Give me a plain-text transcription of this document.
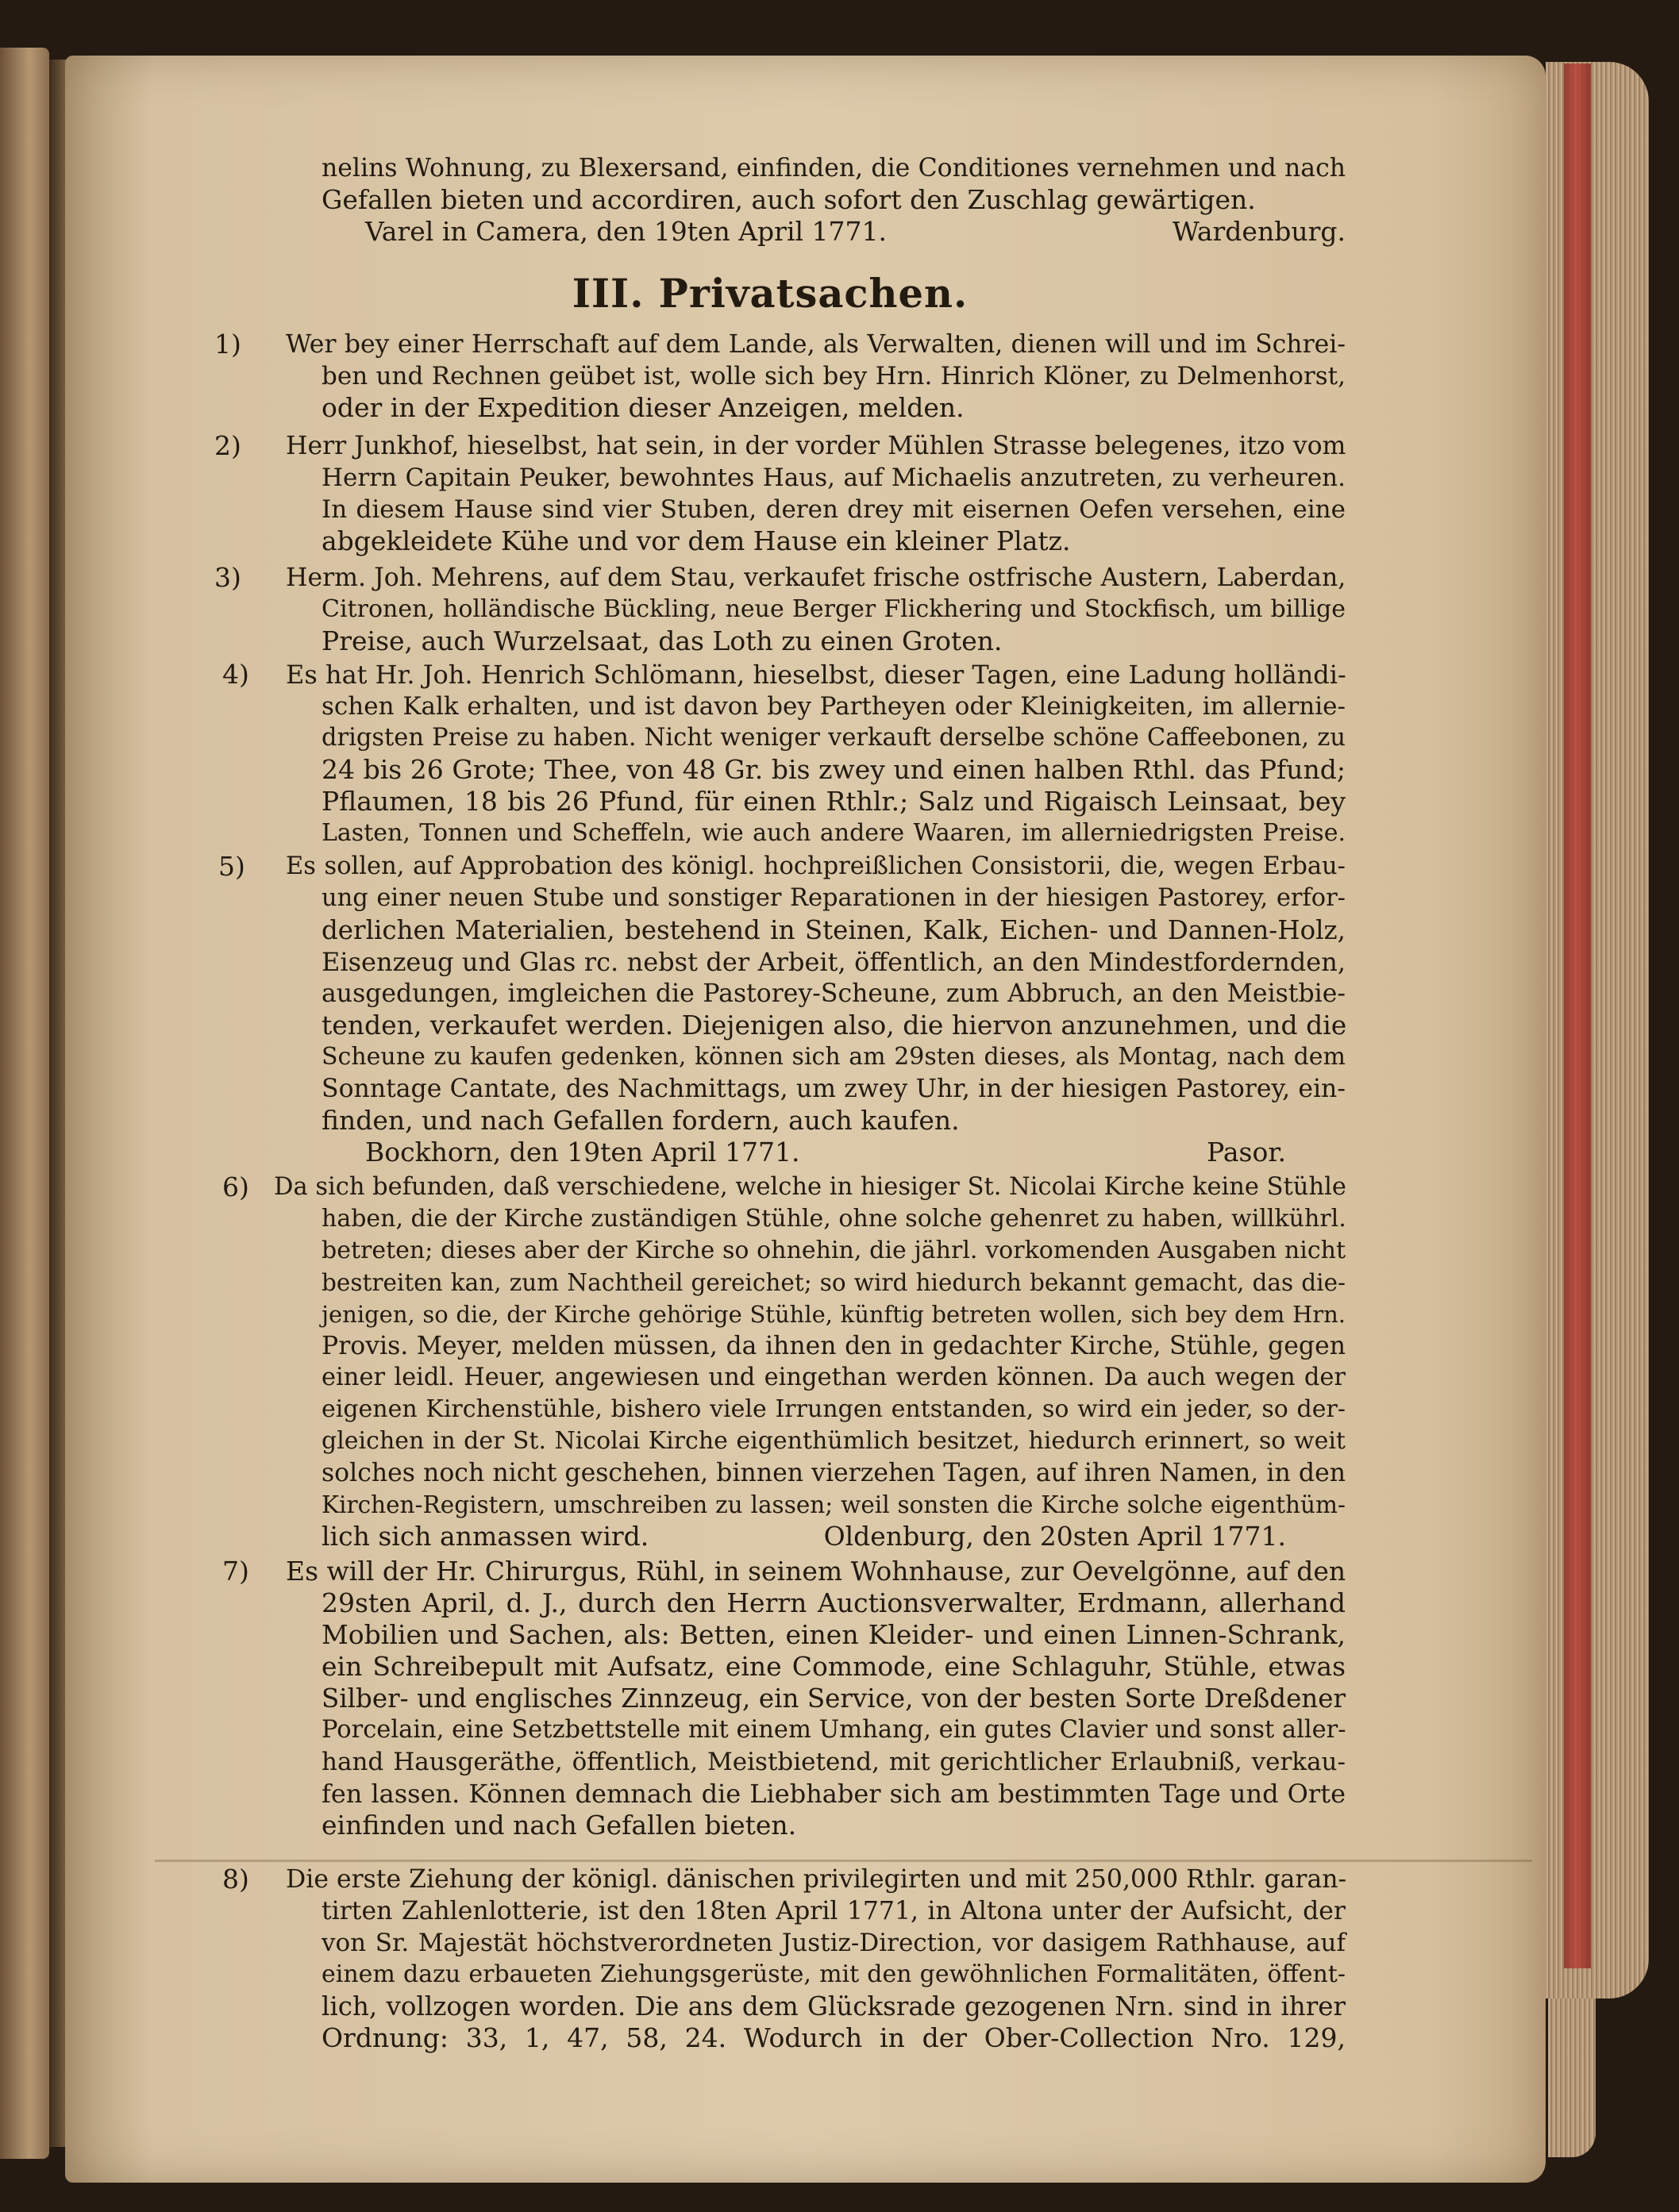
nelins Wohnung, zu Blexersand, einfinden, die Conditiones vernehmen und nach
Gefallen bieten und accordiren, auch sofort den Zuschlag gewärtigen.
Varel in Camera, den 19ten April 1771.	Wardenburg.
III. Privatsachen.
1) Wer bey einer Herrschaft auf dem Lande, als Verwalten, dienen will und im Schrei-
ben und Rechnen geübet ist, wolle sich bey Hrn. Hinrich Klöner, zu Delmenhorst,
oder in der Expedition dieser Anzeigen, melden.
2) Herr Junkhof, hieselbst, hat sein, in der vorder Mühlen Strasse belegenes, itzo vom
Herrn Capitain Peuker, bewohntes Haus, auf Michaelis anzutreten, zu verheuren.
In diesem Hause sind vier Stuben, deren drey mit eisernen Oefen versehen, eine
abgekleidete Kühe und vor dem Hause ein kleiner Platz.
3) Herm. Joh. Mehrens, auf dem Stau, verkaufet frische ostfrische Austern, Laberdan,
Citronen, holländische Bückling, neue Berger Flickhering und Stockfisch, um billige
Preise, auch Wurzelsaat, das Loth zu einen Groten.
4) Es hat Hr. Joh. Henrich Schlömann, hieselbst, dieser Tagen, eine Ladung holländi-
schen Kalk erhalten, und ist davon bey Partheyen oder Kleinigkeiten, im allernie-
drigsten Preise zu haben. Nicht weniger verkauft derselbe schöne Caffeebonen, zu
24 bis 26 Grote; Thee, von 48 Gr. bis zwey und einen halben Rthl. das Pfund;
Pflaumen, 18 bis 26 Pfund, für einen Rthlr.; Salz und Rigaisch Leinsaat, bey
Lasten, Tonnen und Scheffeln, wie auch andere Waaren, im allerniedrigsten Preise.
5) Es sollen, auf Approbation des königl. hochpreißlichen Consistorii, die, wegen Erbau-
ung einer neuen Stube und sonstiger Reparationen in der hiesigen Pastorey, erfor-
derlichen Materialien, bestehend in Steinen, Kalk, Eichen- und Dannen-Holz,
Eisenzeug und Glas rc. nebst der Arbeit, öffentlich, an den Mindestfordernden,
ausgedungen, imgleichen die Pastorey-Scheune, zum Abbruch, an den Meistbie-
tenden, verkaufet werden. Diejenigen also, die hiervon anzunehmen, und die
Scheune zu kaufen gedenken, können sich am 29sten dieses, als Montag, nach dem
Sonntage Cantate, des Nachmittags, um zwey Uhr, in der hiesigen Pastorey, ein-
finden, und nach Gefallen fordern, auch kaufen.
Bockhorn, den 19ten April 1771.	Pasor.
6) Da sich befunden, daß verschiedene, welche in hiesiger St. Nicolai Kirche keine Stühle
haben, die der Kirche zuständigen Stühle, ohne solche gehenret zu haben, willkührl.
betreten; dieses aber der Kirche so ohnehin, die jährl. vorkomenden Ausgaben nicht
bestreiten kan, zum Nachtheil gereichet; so wird hiedurch bekannt gemacht, das die-
jenigen, so die, der Kirche gehörige Stühle, künftig betreten wollen, sich bey dem Hrn.
Provis. Meyer, melden müssen, da ihnen den in gedachter Kirche, Stühle, gegen
einer leidl. Heuer, angewiesen und eingethan werden können. Da auch wegen der
eigenen Kirchenstühle, bishero viele Irrungen entstanden, so wird ein jeder, so der-
gleichen in der St. Nicolai Kirche eigenthümlich besitzet, hiedurch erinnert, so weit
solches noch nicht geschehen, binnen vierzehen Tagen, auf ihren Namen, in den
Kirchen-Registern, umschreiben zu lassen; weil sonsten die Kirche solche eigenthüm-
lich sich anmassen wird.	Oldenburg, den 20sten April 1771.
7) Es will der Hr. Chirurgus, Rühl, in seinem Wohnhause, zur Oevelgönne, auf den
29sten April, d. J., durch den Herrn Auctionsverwalter, Erdmann, allerhand
Mobilien und Sachen, als: Betten, einen Kleider- und einen Linnen-Schrank,
ein Schreibepult mit Aufsatz, eine Commode, eine Schlaguhr, Stühle, etwas
Silber- und englisches Zinnzeug, ein Service, von der besten Sorte Dreßdener
Porcelain, eine Setzbettstelle mit einem Umhang, ein gutes Clavier und sonst aller-
hand Hausgeräthe, öffentlich, Meistbietend, mit gerichtlicher Erlaubniß, verkau-
fen lassen. Können demnach die Liebhaber sich am bestimmten Tage und Orte
einfinden und nach Gefallen bieten.
8) Die erste Ziehung der königl. dänischen privilegirten und mit 250,000 Rthlr. garan-
tirten Zahlenlotterie, ist den 18ten April 1771, in Altona unter der Aufsicht, der
von Sr. Majestät höchstverordneten Justiz-Direction, vor dasigem Rathhause, auf
einem dazu erbaueten Ziehungsgerüste, mit den gewöhnlichen Formalitäten, öffent-
lich, vollzogen worden. Die ans dem Glücksrade gezogenen Nrn. sind in ihrer
Ordnung: 33, 1, 47, 58, 24. Wodurch in der Ober-Collection Nro. 129,
